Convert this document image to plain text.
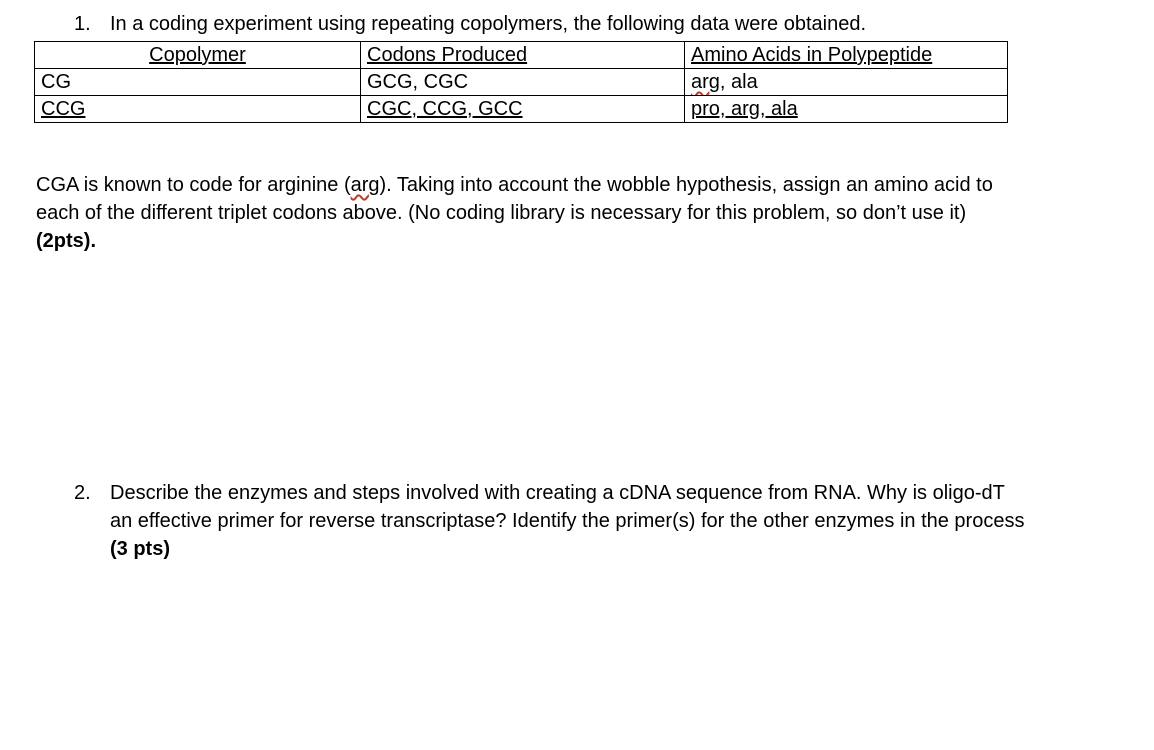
1. In a coding experiment using repeating copolymers, the following data were obtained.
Copolymer	Codons Produced	Amino Acids in Polypeptide
CG	GCG, CGC	arg, ala
CCG	CGC, CCG, GCC	pro, arg, ala

CGA is known to code for arginine (arg). Taking into account the wobble hypothesis, assign an amino acid to

each of the different triplet codons above. (No coding library is necessary for this problem, so don’t use it)

(2pts).

2. Describe the enzymes and steps involved with creating a cDNA sequence from RNA. Why is oligo-dT
an effective primer for reverse transcriptase? Identify the primer(s) for the other enzymes in the process
(3 pts)
